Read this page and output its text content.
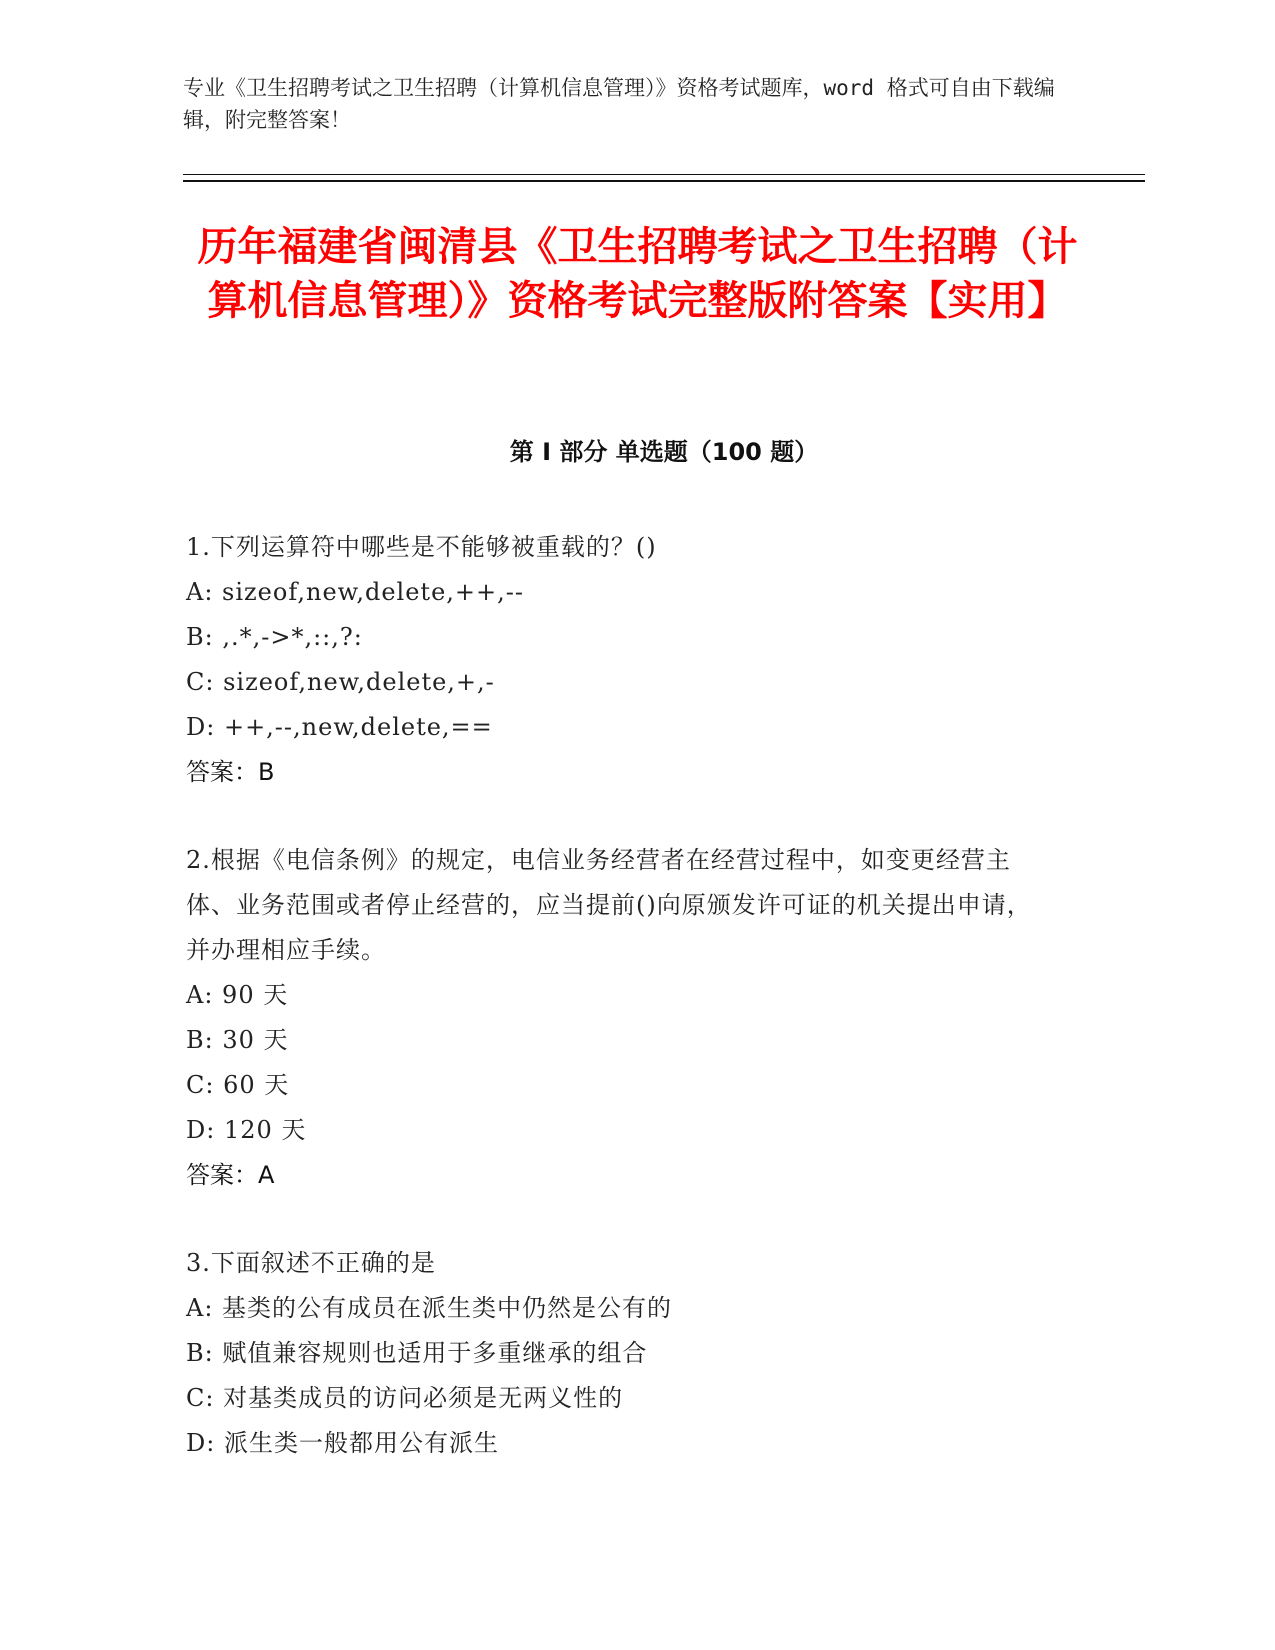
专业《卫生招聘考试之卫生招聘（计算机信息管理）》资格考试题库，word 格式可自由下载编辑，附完整答案！
历年福建省闽清县《卫生招聘考试之卫生招聘（计算机信息管理）》资格考试完整版附答案【实用】
第 I 部分 单选题（100 题）

1.下列运算符中哪些是不能够被重载的？()

A: sizeof,new,delete,++,--

B: ,.*,->*,::,?:

C: sizeof,new,delete,+,-

D: ++,--,new,delete,==

答案：B

2.根据《电信条例》的规定，电信业务经营者在经营过程中，如变更经营主体、业务范围或者停止经营的，应当提前()向原颁发许可证的机关提出申请，并办理相应手续。

A: 90 天

B: 30 天

C: 60 天

D: 120 天

答案：A

3.下面叙述不正确的是

A: 基类的公有成员在派生类中仍然是公有的

B: 赋值兼容规则也适用于多重继承的组合

C: 对基类成员的访问必须是无两义性的

D: 派生类一般都用公有派生
